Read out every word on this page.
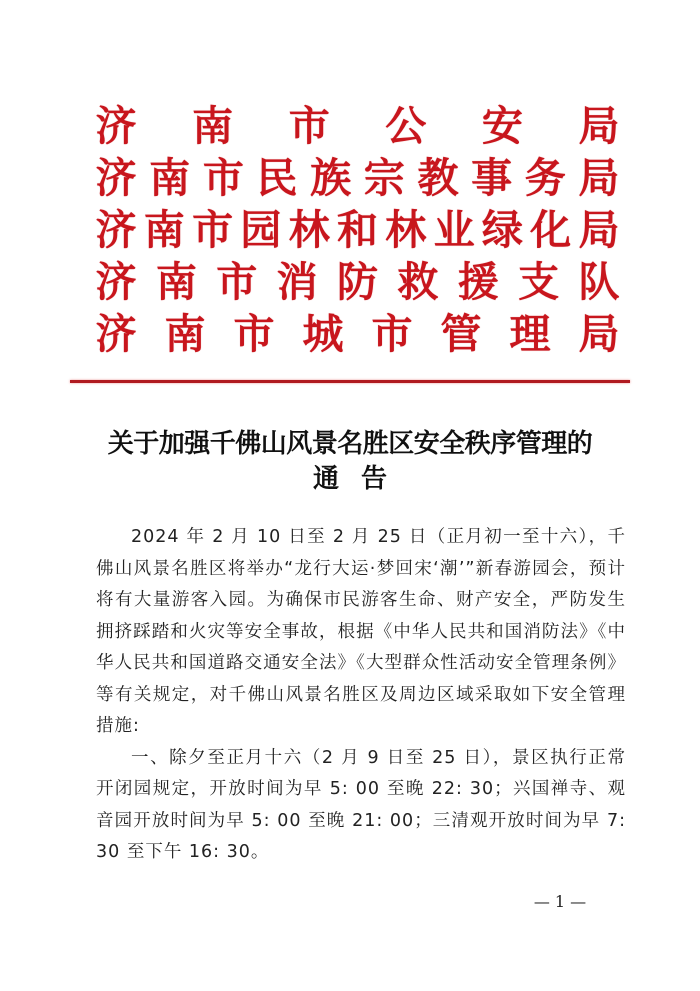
济 南 市 公 安 局
济 南 市 民 族 宗 教 事 务 局
济 南 市 园 林 和 林 业 绿 化 局
济 南 市 消 防 救 援 支 队
济 南 市 城 市 管 理 局
关于加强千佛山风景名胜区安全秩序管理的
通告

2024 年 2 月 10 日至 2 月 25 日（正月初一至十六），千佛山风景名胜区将举办“龙行大运·梦回宋‘潮’”新春游园会，预计将有大量游客入园。为确保市民游客生命、财产安全，严防发生拥挤踩踏和火灾等安全事故，根据《中华人民共和国消防法》《中华人民共和国道路交通安全法》《大型群众性活动安全管理条例》等有关规定，对千佛山风景名胜区及周边区域采取如下安全管理措施:

一、除夕至正月十六（2 月 9 日至 25 日），景区执行正常开闭园规定，开放时间为早 5: 00 至晚 22: 30；兴国禅寺、观音园开放时间为早 5: 00 至晚 21: 00；三清观开放时间为早 7: 30 至下午 16: 30。

— 1 —
